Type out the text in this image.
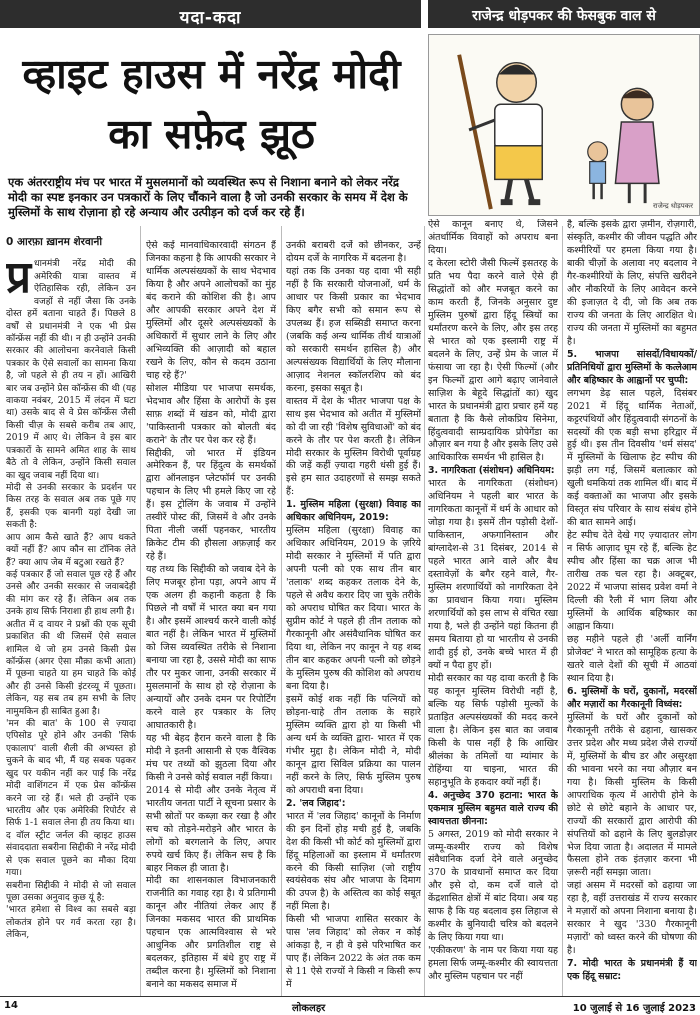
यदा-कदा	राजेन्द्र धोड़पकर की फेसबुक वाल से
व्हाइट हाउस में नरेंद्र मोदी का सफ़ेद झूठ
राजेन्द्र धोड़पकर
एक अंतरराष्ट्रीय मंच पर भारत में मुसलमानों को व्यवस्थित रूप से निशाना बनाने को लेकर नरेंद्र मोदी का स्पष्ट इनकार उन पत्रकारों के लिए चौंकाने वाला है जो उनकी सरकार के समय में देश के मुस्लिमों के साथ रोज़ाना हो रहे अन्याय और उत्पीड़न को दर्ज कर रहे हैं।
0 आरफ़ा ख़ानम शेरवानी
प्र धानमंत्री नरेंद्र मोदी की अमेरिकी यात्रा वास्तव में ऐतिहासिक रही, लेकिन उन वजहों से नहीं जैसा कि उनके दोस्त हमें बताना चाहते हैं। पिछले 8 वर्षों से प्रधानमंत्री ने एक भी प्रेस कॉन्फ्रेंस नहीं की थी। न ही उन्होंने उनकी सरकार की आलोचना करनेवाले किसी पत्रकार के ऐसे सवालों का सामना किया है, जो पहले से ही तय न हों। आखिरी बार जब उन्होंने प्रेस कॉन्फ्रेंस की थी (यह वाकया नवंबर, 2015 में लंदन में घटा था) उसके बाद से वे प्रेस कॉन्फ्रेंस जैसी किसी चीज़ के सबसे करीब तब आए, 2019 में आए थे। लेकिन वे इस बार पत्रकारों के सामने अमित शाह के साथ बैठे तो वे लेकिन, उन्होंने किसी सवाल का खुद जवाब नहीं दिया था।

मोदी से उनकी सरकार के प्रदर्शन पर किस तरह के सवाल अब तक पूछे गए हैं, इसकी एक बानगी यहां देखी जा सकती है:

आप आम कैसे खाते हैं? आप थकते क्यों नहीं हैं? आप कौन सा टॉनिक लेते हैं? क्या आप जेब में बटुआ रखते हैं?

कई पत्रकार हैं जो सवाल पूछ रहे हैं और उनसे और उनकी सरकार से जवाबदेही की मांग कर रहे हैं। लेकिन अब तक उनके हाथ सिर्फ निराशा ही हाथ लगी है।

अतीत में द वायर ने प्रश्नों की एक सूची प्रकाशित की थी जिसमें ऐसे सवाल शामिल थे जो हम उनसे किसी प्रेस कॉन्फ्रेंस (अगर ऐसा मौक़ा कभी आता) में पूछना चाहते या हम चाहते कि कोई और ही उनसे किसी इंटरव्यू में पूछता। लेकिन, यह सब तब हम सभी के लिए नामुमकिन ही साबित हुआ है।

'मन की बात' के 100 से ज़्यादा एपिसोड पूरे होने और उनकी 'सिर्फ एकालाप' वाली शैली की अभ्यस्त हो चुकने के बाद भी, मैं यह सबक पढ़कर खुद पर यकीन नहीं कर पाई कि नरेंद्र मोदी वाशिंगटन में एक प्रेस कॉन्फ्रेंस करने जा रहे हैं। भले ही उन्होंने एक भारतीय और एक अमेरिकी रिपोर्टर से सिर्फ 1-1 सवाल लेना ही तय किया था।

द वॉल स्ट्रीट जर्नल की व्हाइट हाउस संवाददाता सबरीना सिद्दीकी ने नरेंद्र मोदी से एक सवाल पूछने का मौका दिया गया।

सबरीना सिद्दीकी ने मोदी से जो सवाल पूछा उसका अनुवाद कुछ यूं है:

'भारत हमेशा से विश्व का सबसे बड़ा लोकतंत्र होने पर गर्व करता रहा है। लेकिन,

ऐसे कई मानवाधिकारवादी संगठन हैं जिनका कहना है कि आपकी सरकार ने धार्मिक अल्पसंख्यकों के साथ भेदभाव किया है और अपने आलोचकों का मुंह बंद कराने की कोशिश की है। आप और आपकी सरकार अपने देश में मुस्लिमों और दूसरे अल्पसंख्यकों के अधिकारों में सुधार लाने के लिए और अभिव्यक्ति की आज़ादी को बहाल रखने के लिए, कौन से कदम उठाना चाह रहे हैं?'

सोशल मीडिया पर भाजपा समर्थक, भेदभाव और हिंसा के आरोपों के इस साफ़ शब्दों में खंडन को, मोदी द्वारा 'पाकिस्तानी पत्रकार को बोलती बंद कराने' के तौर पर पेश कर रहे हैं।

सिद्दीकी, जो भारत में इंडियन अमेरिकन हैं, पर हिंदुत्व के समर्थकों द्वारा ऑनलाइन प्लेटफॉर्म पर उनकी पहचान के लिए भी हमले किए जा रहे हैं। इस ट्रोलिंग के जवाब में उन्होंने तस्वीरें पोस्ट कीं, जिसमें वे और उनके पिता नीली जर्सी पहनकर, भारतीय क्रिकेट टीम की हौसला अफ़ज़ाई कर रहे हैं।

यह तथ्य कि सिद्दीकी को जवाब देने के लिए मजबूर होना पड़ा, अपने आप में एक अलग ही कहानी कहता है कि पिछले नौ वर्षों में भारत क्या बन गया है। और इसमें आश्चर्य करने वाली कोई बात नहीं है। लेकिन भारत में मुस्लिमों को जिस व्यवस्थित तरीके से निशाना बनाया जा रहा है, उससे मोदी का साफ तौर पर मुकर जाना, उनकी सरकार में मुसलमानों के साथ हो रहे रोज़ाना के अन्यायों और उनके दमन पर रिपोर्टिंग करने वाले हर पत्रकार के लिए आघातकारी है।

यह भी बेहद हैरान करने वाला है कि मोदी ने इतनी आसानी से एक वैश्विक मंच पर तथ्यों को झुठला दिया और किसी ने उनसे कोई सवाल नहीं किया।

2014 से मोदी और उनके नेतृत्व में भारतीय जनता पार्टी ने सूचना प्रसार के सभी स्रोतों पर कब्ज़ा कर रखा है और सच को तोड़ने-मरोड़ने और भारत के लोगों को बरगलाने के लिए, अपार रुपये खर्च किए हैं। लेकिन सच है कि बाहर निकल ही जाता है।

मोदी का शासनकाल विभाजनकारी राजनीति का गवाह रहा है। ये प्रतिगामी कानून और नीतियां लेकर आए हैं जिनका मकसद भारत की प्राथमिक पहचान एक आत्मविश्वास से भरे आधुनिक और प्रगतिशील राष्ट्र से बदलकर, इतिहास में बंधे हुए राष्ट्र में तब्दील करना है। मुस्लिमों को निशाना बनाने का मकसद समाज में

उनकी बराबरी दर्जे को छीनकर, उन्हें दोयम दर्जे के नागरिक में बदलना है।

यहां तक कि उनका यह दावा भी सही नहीं है कि सरकारी योजनाओं, धर्म के आधार पर किसी प्रकार का भेदभाव किए बगैर सभी को समान रूप से उपलब्ध हैं। हज सब्सिडी समाप्त करना (जबकि कई अन्य धार्मिक तीर्थ यात्राओं को सरकारी समर्थन हासिल है) और अल्पसंख्यक विद्यार्थियों के लिए मौलाना आज़ाद नेशनल स्कॉलरशिप को बंद करना, इसका सबूत है।

वास्तव में देश के भीतर भाजपा पक्ष के साथ इस भेदभाव को अतीत में मुस्लिमों को दी जा रही 'विशेष सुविधाओं' को बंद करने के तौर पर पेश करती है। लेकिन मोदी सरकार के मुस्लिम विरोधी पूर्वाग्रह की जड़ें कहीं ज़्यादा गहरी धंसी हुई हैं। इसे हम सात उदाहरणों से समझ सकते हैं:

1. मुस्लिम महिला (सुरक्षा) विवाह का अधिकार अधिनियम, 2019:

मुस्लिम महिला (सुरक्षा) विवाह का अधिकार अधिनियम, 2019 के ज़रिये मोदी सरकार ने मुस्लिमों में पति द्वारा अपनी पत्नी को एक साथ तीन बार 'तलाक' शब्द कहकर तलाक देने के, पहले से अवैध करार दिए जा चुके तरीके को अपराध घोषित कर दिया। भारत के सुप्रीम कोर्ट ने पहले ही तीन तलाक को गैरकानूनी और असंवैधानिक घोषित कर दिया था, लेकिन नए कानून ने यह शब्द तीन बार कहकर अपनी पत्नी को छोड़ने के मुस्लिम पुरुष की कोशिश को अपराध बना दिया है।

इसमें कोई शक नहीं कि पत्नियों को छोड़ना-चाहे तीन तलाक के सहारे मुस्लिम व्यक्ति द्वारा हो या किसी भी अन्य धर्म के व्यक्ति द्वारा- भारत में एक गंभीर मुद्दा है। लेकिन मोदी ने, मोदी कानून द्वारा सिविल प्रक्रिया का पालन नहीं करने के लिए, सिर्फ मुस्लिम पुरुष को अपराधी बना दिया।

2. 'लव जिहाद':

भारत में 'लव जिहाद' कानूनों के निर्माण की इन दिनों होड़ मची हुई है, जबकि देश की किसी भी कोर्ट को मुस्लिमों द्वारा हिंदू महिलाओं का इस्लाम में धर्मांतरण करने की किसी साज़िश (जो राष्ट्रीय स्वयंसेवक संघ और भाजपा के दिमाग की उपज है) के अस्तित्व का कोई सबूत नहीं मिला है।

किसी भी भाजपा शासित सरकार के पास 'लव जिहाद' को लेकर न कोई आंकड़ा है, न ही वे इसे परिभाषित कर पाए हैं। लेकिन 2022 के अंत तक कम से 11 ऐसे राज्यों ने किसी न किसी रूप में

ऐसे कानून बनाए थे, जिसने अंतर्धार्मिक विवाहों को अपराध बना दिया।

द केरला स्टोरी जैसी फिल्में इसतरह के प्रति भय पैदा करने वाले ऐसे ही सिद्धांतों को और मजबूत करने का काम करती हैं, जिनके अनुसार दुष्ट मुस्लिम पुरुषों द्वारा हिंदू स्त्रियों का धर्मांतरण करने के लिए, और इस तरह से भारत को एक इस्लामी राष्ट्र में बदलने के लिए, उन्हें प्रेम के जाल में फंसाया जा रहा है। ऐसी फिल्मों (और इन फिल्मों द्वारा आगे बढ़ाए जानेवाले साज़िश के बेहूदे सिद्धांतों का) खुद भारत के प्रधानमंत्री द्वारा प्रचार हमें यह बताता है कि कैसे लोकप्रिय सिनेमा, हिंदुत्ववादी साम्प्रदायिक प्रोपेगेंडा का औज़ार बन गया है और इसके लिए उसे आधिकारिक समर्थन भी हासिल है।

3. नागरिकता (संशोधन) अधिनियम:

भारत के नागरिकता (संशोधन) अधिनियम ने पहली बार भारत के नागरिकता कानूनों में धर्म के आधार को जोड़ा गया है। इसमें तीन पड़ोसी देशों-पाकिस्तान, अफगानिस्तान और बांग्लादेश-से 31 दिसंबर, 2014 से पहले भारत आने वाले और बैध दस्तावेज़ों के बगैर रहने वाले, गैर-मुस्लिम शरणार्थियों को नागरिकता देने का प्रावधान किया गया। मुस्लिम शरणार्थियों को इस लाभ से वंचित रखा गया है, भले ही उन्होंने यहां कितना ही समय बिताया हो या भारतीय से उनकी शादी हुई हो, उनके बच्चे भारत में ही क्यों न पैदा हुए हों।

मोदी सरकार का यह दावा करती है कि यह कानून मुस्लिम विरोधी नहीं है, बल्कि यह सिर्फ पड़ोसी मुल्कों के प्रताड़ित अल्पसंख्यकों की मदद करने वाला है। लेकिन इस बात का जवाब किसी के पास नहीं है कि आखिर श्रीलंका के तमिलों या म्यांमार के रोहिंग्या या चाइना, भारत की सहानुभूति के हकदार क्यों नहीं हैं।

4. अनुच्छेद 370 हटाना: भारत के एकमात्र मुस्लिम बहुमत वाले राज्य की स्वायत्तता छीनना:

5 अगस्त, 2019 को मोदी सरकार ने जम्मू-कश्मीर राज्य को विशेष संवैधानिक दर्जा देने वाले अनुच्छेद 370 के प्रावधानों समाप्त कर दिया और इसे दो, कम दर्जे वाले दो केंद्रशासित क्षेत्रों में बांट दिया। अब यह साफ है कि यह बदलाव इस लिहाज से कश्मीर के बुनियादी चरित्र को बदलने के लिए किया गया था।

'एकीकरण' के नाम पर किया गया यह हमला सिर्फ जम्मू-कश्मीर की स्वायत्तता और मुस्लिम पहचान पर नहीं

है, बल्कि इसके द्वारा ज़मीन, रोज़गारी, संस्कृति, कश्मीर की जीवन पद्धति और कश्मीरियों पर हमला किया गया है। बाकी चीज़ों के अलावा नए बदलाव ने गैर-कश्मीरियों के लिए, संपत्ति खरीदने और नौकरियों के लिए आवेदन करने की इजाज़त दे दी, जो कि अब तक राज्य की जनता के लिए आरक्षित थे। राज्य की जनता में मुस्लिमों का बहुमत है।

5. भाजपा सांसदों/विधायकों/प्रतिनिधियों द्वारा मुस्लिमों के कत्लेआम और बहिष्कार के आह्वानों पर चुप्पी:

लगभग डेढ़ साल पहले, दिसंबर 2021 में हिंदू धार्मिक नेताओं, कट्टरपंथियों और हिंदुत्ववादी संगठनों के सदस्यों की एक बड़ी सभा हरिद्वार में हुई थी। इस तीन दिवसीय 'धर्म संसद' में मुस्लिमों के खिलाफ हेट स्पीच की झड़ी लग गई, जिसमें बलात्कार को खुली धमकियां तक शामिल थीं। बाद में कई वक्ताओं का भाजपा और इसके विस्तृत संघ परिवार के साथ संबंध होने की बात सामने आई।

हेट स्पीच देते देखे गए ज़्यादातर लोग न सिर्फ आज़ाद घूम रहे हैं, बल्कि हेट स्पीच और हिंसा का चक्र आज भी तारीख तक चल रहा है। अक्टूबर, 2022 में भाजपा सांसद प्रवेश वर्मा ने दिल्ली की रैली में भाग लिया और मुस्लिमों के आर्थिक बहिष्कार का आह्वान किया।

छह महीने पहले ही 'अर्ली वार्निंग प्रोजेक्ट' ने भारत को सामूहिक हत्या के खतरे वाले देशों की सूची में आठवां स्थान दिया है।

6. मुस्लिमों के घरों, दुकानों, मदरसों और मज़ारों का गैरकानूनी विध्वंस:

मुस्लिमों के घरों और दुकानों को गैरकानूनी तरीके से ढहाना, खासकर उत्तर प्रदेश और मध्य प्रदेश जैसे राज्यों में, मुस्लिमों के बीच डर और असुरक्षा की भावना भरने का नया औज़ार बन गया है। किसी मुस्लिम के किसी आपराधिक कृत्य में आरोपी होने के छोटे से छोटे बहाने के आधार पर, राज्यों की सरकारों द्वारा आरोपी की संपत्तियों को ढहाने के लिए बुलडोज़र भेज दिया जाता है। अदालत में मामले फैसला होने तक इंतज़ार करना भी ज़रूरी नहीं समझा जाता।

जहां असम में मदरसों को ढहाया जा रहा है, वहीं उत्तराखंड में राज्य सरकार ने मज़ारों को अपना निशाना बनाया है। सरकार ने खुद '330 गैरकानूनी मज़ारों' को ध्वस्त करने की घोषणा की है।

7. मोदी भारत के प्रधानमंत्री हैं या एक हिंदू सम्राट:

14	लोकलहर	10 जुलाई से 16 जुलाई 2023
